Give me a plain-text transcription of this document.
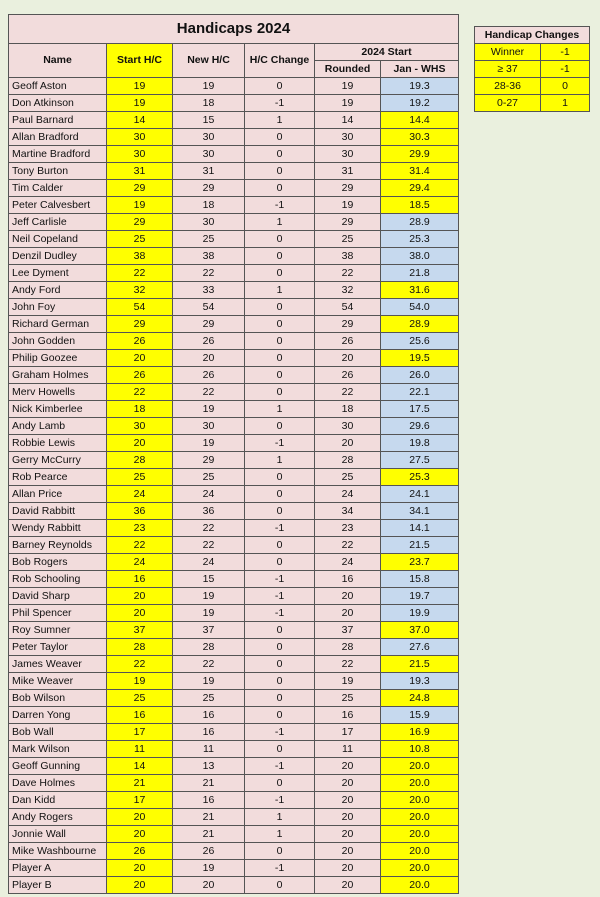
Handicaps 2024					
Name	Start H/C	New H/C	H/C Change	2024 Start	
				Rounded	Jan - WHS
Geoff Aston	19	19	0	19	19.3
Don Atkinson	19	18	-1	19	19.2
Paul Barnard	14	15	1	14	14.4
Allan Bradford	30	30	0	30	30.3
Martine Bradford	30	30	0	30	29.9
Tony Burton	31	31	0	31	31.4
Tim Calder	29	29	0	29	29.4
Peter Calvesbert	19	18	-1	19	18.5
Jeff Carlisle	29	30	1	29	28.9
Neil Copeland	25	25	0	25	25.3
Denzil Dudley	38	38	0	38	38.0
Lee Dyment	22	22	0	22	21.8
Andy Ford	32	33	1	32	31.6
John Foy	54	54	0	54	54.0
Richard German	29	29	0	29	28.9
John Godden	26	26	0	26	25.6
Philip Goozee	20	20	0	20	19.5
Graham Holmes	26	26	0	26	26.0
Merv Howells	22	22	0	22	22.1
Nick Kimberlee	18	19	1	18	17.5
Andy Lamb	30	30	0	30	29.6
Robbie Lewis	20	19	-1	20	19.8
Gerry McCurry	28	29	1	28	27.5
Rob Pearce	25	25	0	25	25.3
Allan Price	24	24	0	24	24.1
David Rabbitt	36	36	0	34	34.1
Wendy Rabbitt	23	22	-1	23	14.1
Barney Reynolds	22	22	0	22	21.5
Bob Rogers	24	24	0	24	23.7
Rob Schooling	16	15	-1	16	15.8
David Sharp	20	19	-1	20	19.7
Phil Spencer	20	19	-1	20	19.9
Roy Sumner	37	37	0	37	37.0
Peter Taylor	28	28	0	28	27.6
James Weaver	22	22	0	22	21.5
Mike Weaver	19	19	0	19	19.3
Bob Wilson	25	25	0	25	24.8
Darren Yong	16	16	0	16	15.9
Bob Wall	17	16	-1	17	16.9
Mark Wilson	11	11	0	11	10.8
Geoff Gunning	14	13	-1	20	20.0
Dave Holmes	21	21	0	20	20.0
Dan Kidd	17	16	-1	20	20.0
Andy Rogers	20	21	1	20	20.0
Jonnie Wall	20	21	1	20	20.0
Mike Washbourne	26	26	0	20	20.0
Player A	20	19	-1	20	20.0
Player B	20	20	0	20	20.0
Handicap Changes	
Winner	-1
≥ 37	-1
28-36	0
0-27	1
